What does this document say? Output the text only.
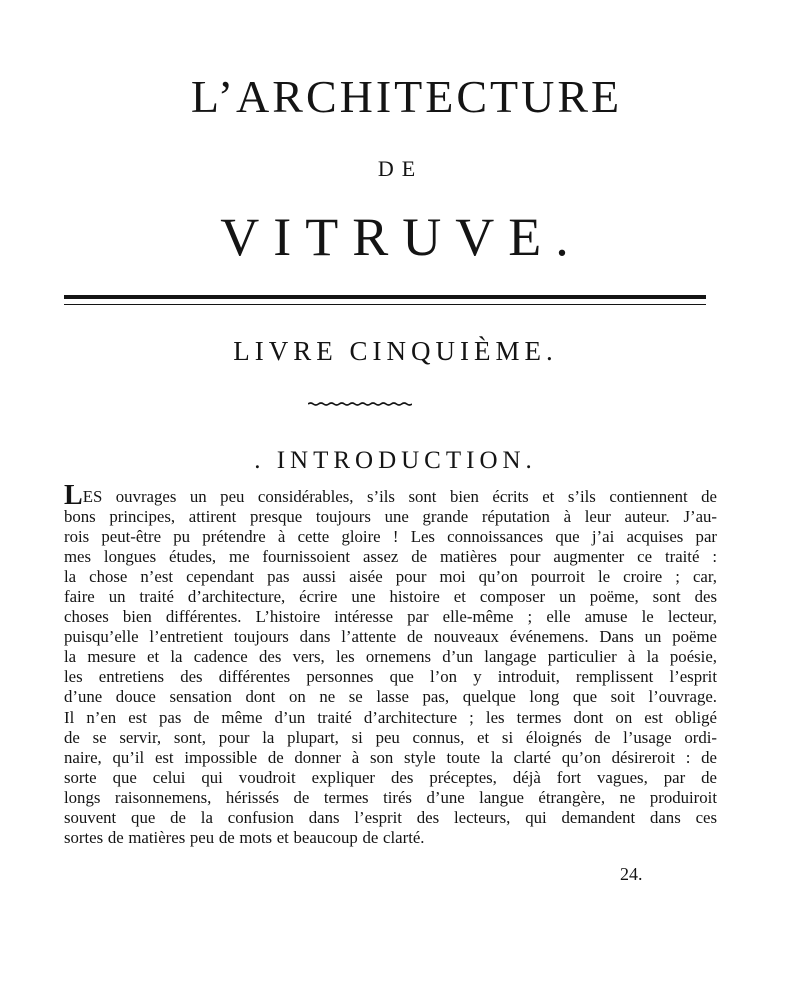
L’ARCHITECTURE
DE
VITRUVE.
LIVRE CINQUIÈME.
. INTRODUCTION.
LES ouvrages un peu considérables, s’ils sont bien écrits et s’ils contiennent de
bons principes, attirent presque toujours une grande réputation à leur auteur. J’au-
rois peut-être pu prétendre à cette gloire ! Les connoissances que j’ai acquises par
mes longues études, me fournissoient assez de matières pour augmenter ce traité :
la chose n’est cependant pas aussi aisée pour moi qu’on pourroit le croire ; car,
faire un traité d’architecture, écrire une histoire et composer un poëme, sont des
choses bien différentes. L’histoire intéresse par elle-même ; elle amuse le lecteur,
puisqu’elle l’entretient toujours dans l’attente de nouveaux événemens. Dans un poëme
la mesure et la cadence des vers, les ornemens d’un langage particulier à la poésie,
les entretiens des différentes personnes que l’on y introduit, remplissent l’esprit
d’une douce sensation dont on ne se lasse pas, quelque long que soit l’ouvrage.
Il n’en est pas de même d’un traité d’architecture ; les termes dont on est obligé
de se servir, sont, pour la plupart, si peu connus, et si éloignés de l’usage ordi-
naire, qu’il est impossible de donner à son style toute la clarté qu’on désireroit : de
sorte que celui qui voudroit expliquer des préceptes, déjà fort vagues, par de
longs raisonnemens, hérissés de termes tirés d’une langue étrangère, ne produiroit
souvent que de la confusion dans l’esprit des lecteurs, qui demandent dans ces
sortes de matières peu de mots et beaucoup de clarté.
24.
